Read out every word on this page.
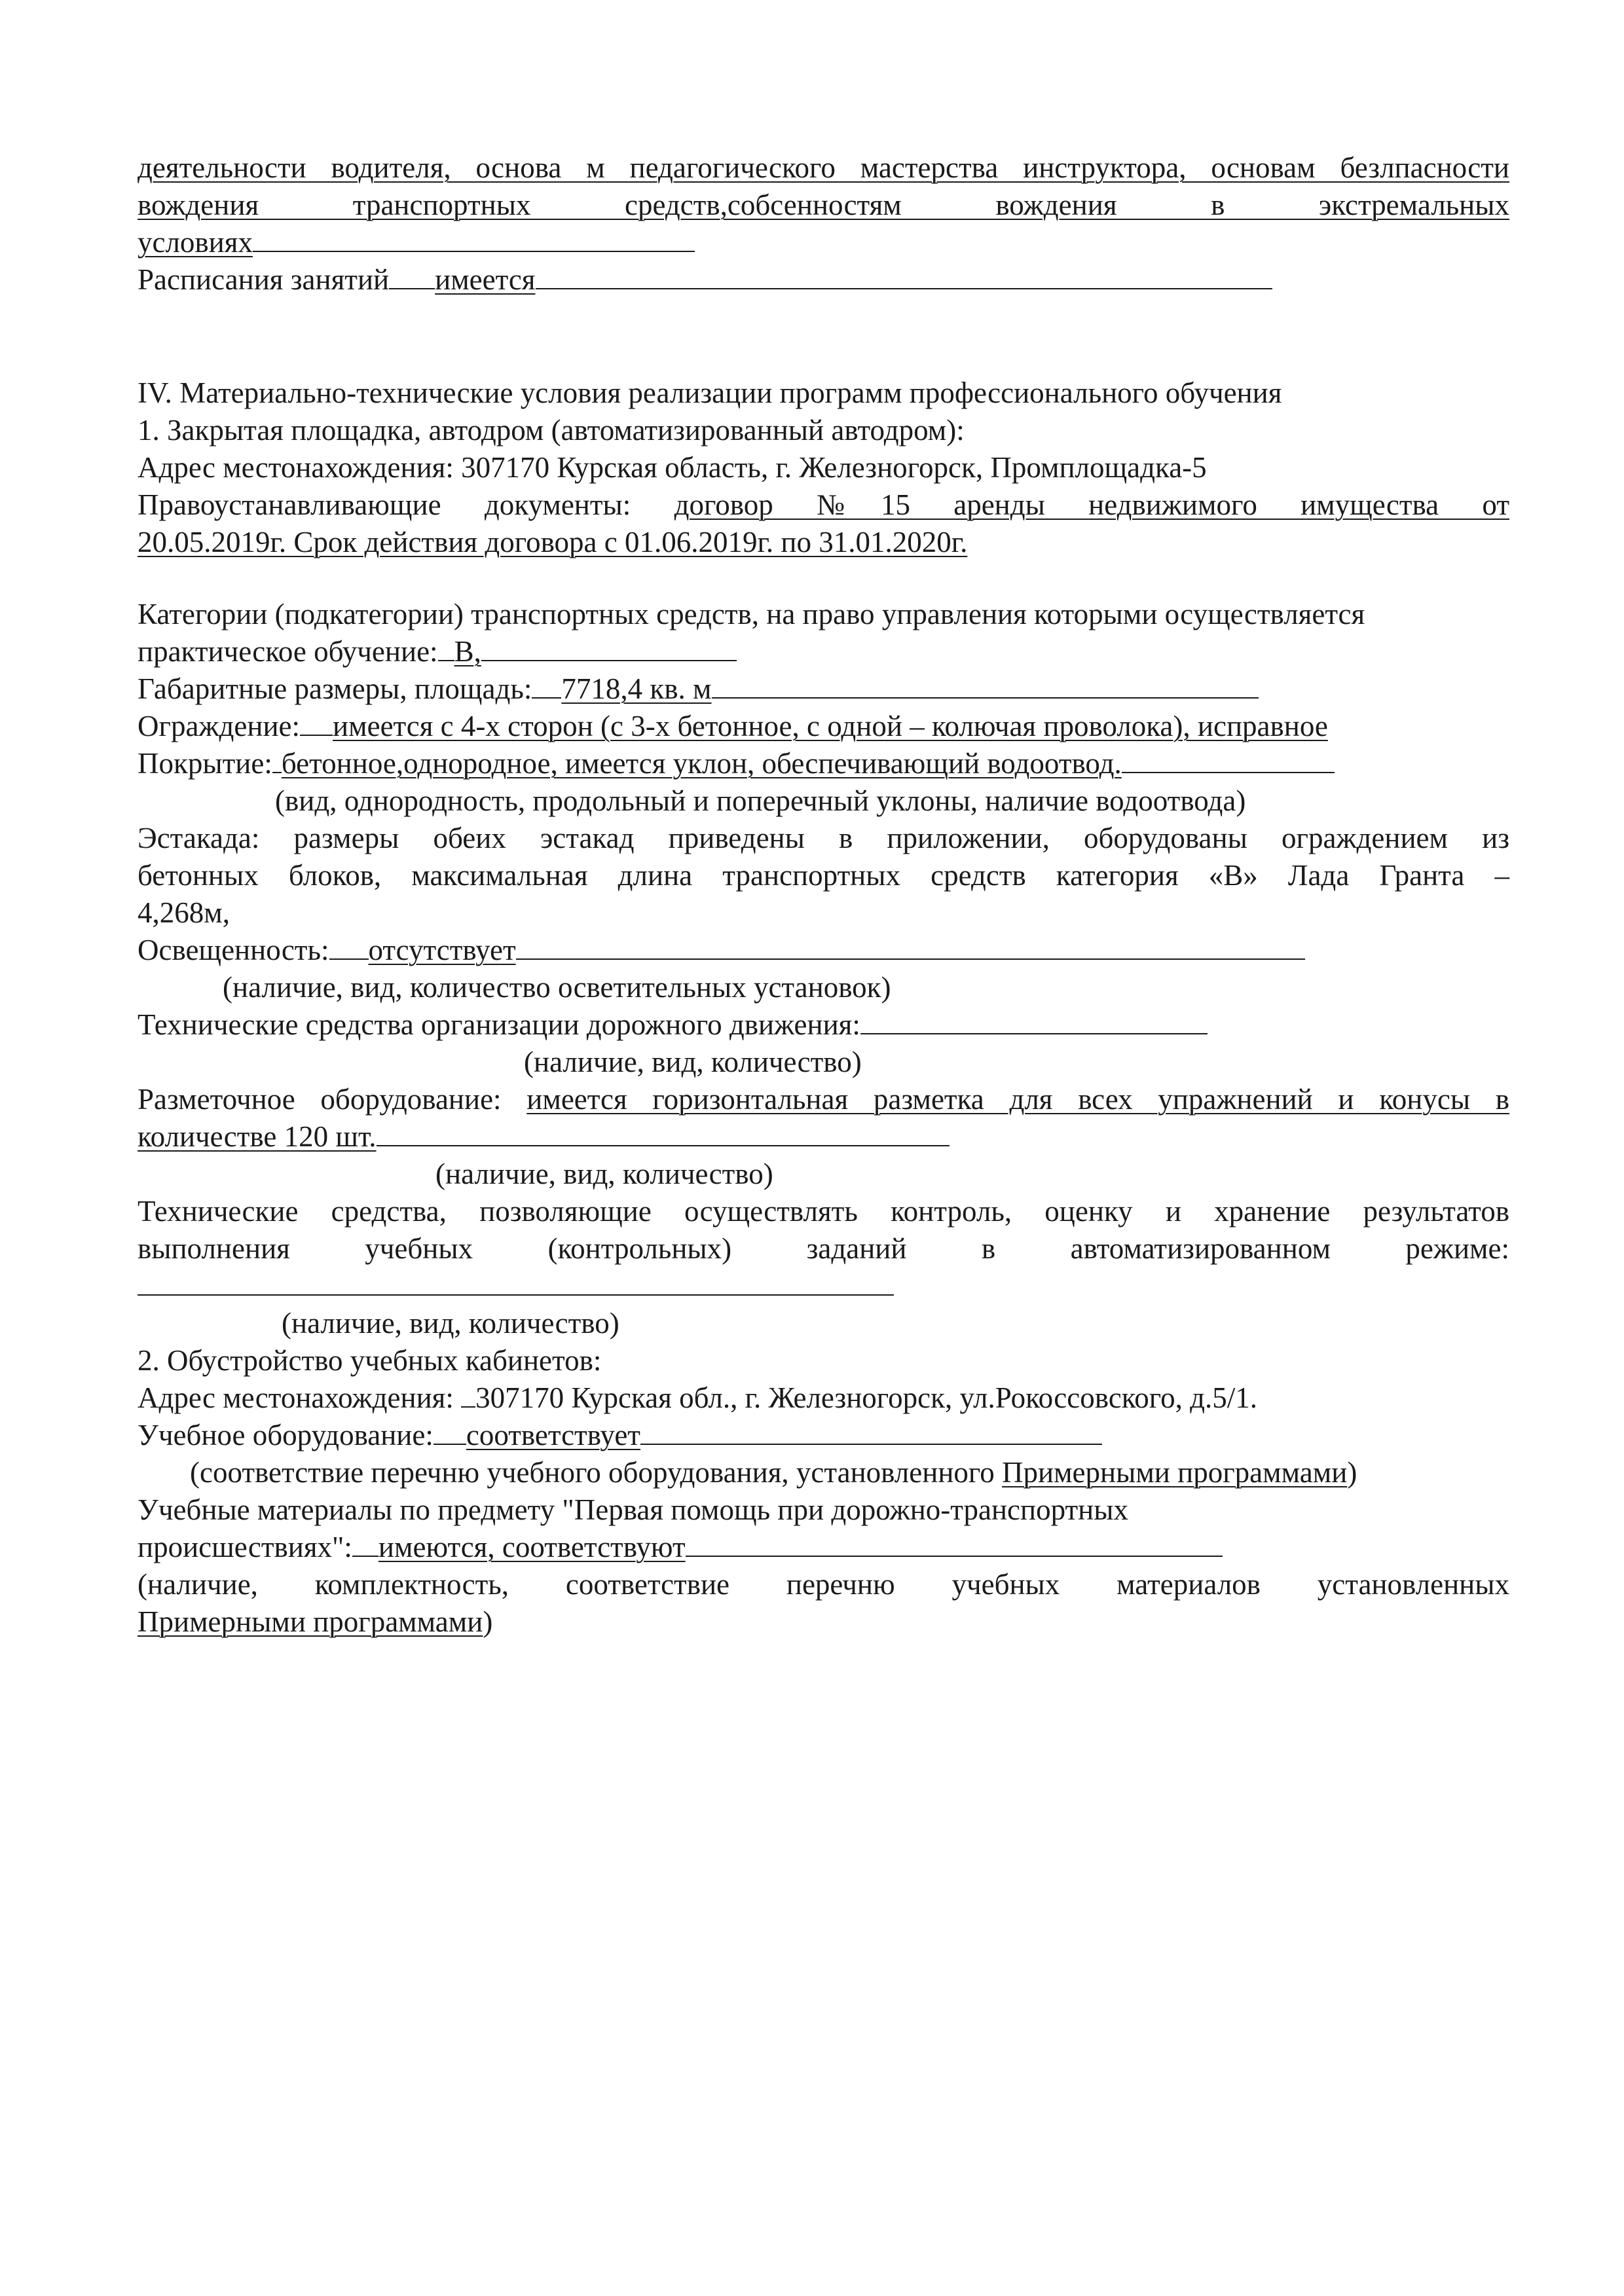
деятельности водителя, основа м педагогического мастерства инструктора, основам безлпасности
вождения транспортных средств,собсенностям вождения в экстремальных
условиях
Расписания занятий имеется
IV. Материально-технические условия реализации программ профессионального обучения
1. Закрытая площадка, автодром (автоматизированный автодром):
Адрес местонахождения: 307170 Курская область, г. Железногорск, Промплощадка-5
Правоустанавливающие документы: договор №15 аренды недвижимого имущества от
20.05.2019г. Срок действия договора с 01.06.2019г. по 31.01.2020г.
Категории (подкатегории) транспортных средств, на право управления которыми осуществляется
практическое обучение: В,
Габаритные размеры, площадь: 7718,4 кв. м
Ограждение: имеется с 4-х сторон (с 3-х бетонное, с одной – колючая проволока), исправное
Покрытие: бетонное,однородное, имеется уклон, обеспечивающий водоотвод.
(вид, однородность, продольный и поперечный уклоны, наличие водоотвода)
Эстакада: размеры обеих эстакад приведены в приложении, оборудованы ограждением из
бетонных блоков, максимальная длина транспортных средств категория «В» Лада Гранта –
4,268м,
Освещенность: отсутствует
(наличие, вид, количество осветительных установок)
Технические средства организации дорожного движения:
(наличие, вид, количество)
Разметочное оборудование: имеется горизонтальная разметка для всех упражнений и конусы в
количестве 120 шт.
(наличие, вид, количество)
Технические средства, позволяющие осуществлять контроль, оценку и хранение результатов
выполнения учебных (контрольных) заданий в автоматизированном режиме:
(наличие, вид, количество)
2. Обустройство учебных кабинетов:
Адрес местонахождения: 307170 Курская обл., г. Железногорск, ул.Рокоссовского, д.5/1.
Учебное оборудование: соответствует
(соответствие перечню учебного оборудования, установленного Примерными программами)
Учебные материалы по предмету "Первая помощь при дорожно-транспортных
происшествиях": имеются, соответствуют
(наличие, комплектность, соответствие перечню учебных материалов установленных
Примерными программами)
